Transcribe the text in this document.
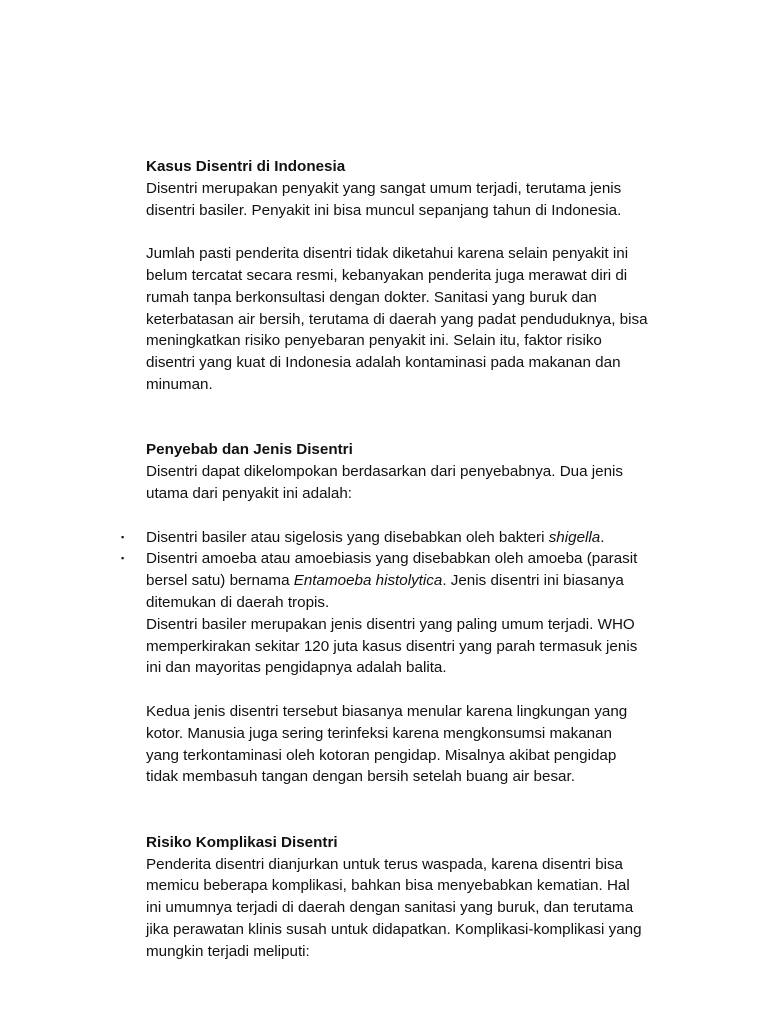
Kasus Disentri di Indonesia
Disentri merupakan penyakit yang sangat umum terjadi, terutama jenis
disentri basiler. Penyakit ini bisa muncul sepanjang tahun di Indonesia.
Jumlah pasti penderita disentri tidak diketahui karena selain penyakit ini
belum tercatat secara resmi, kebanyakan penderita juga merawat diri di
rumah tanpa berkonsultasi dengan dokter. Sanitasi yang buruk dan
keterbatasan air bersih, terutama di daerah yang padat penduduknya, bisa
meningkatkan risiko penyebaran penyakit ini. Selain itu, faktor risiko
disentri yang kuat di Indonesia adalah kontaminasi pada makanan dan
minuman.
Penyebab dan Jenis Disentri
Disentri dapat dikelompokan berdasarkan dari penyebabnya. Dua jenis
utama dari penyakit ini adalah:
▪ Disentri basiler atau sigelosis yang disebabkan oleh bakteri shigella.
▪ Disentri amoeba atau amoebiasis yang disebabkan oleh amoeba (parasit
bersel satu) bernama Entamoeba histolytica. Jenis disentri ini biasanya
ditemukan di daerah tropis.
Disentri basiler merupakan jenis disentri yang paling umum terjadi. WHO
memperkirakan sekitar 120 juta kasus disentri yang parah termasuk jenis
ini dan mayoritas pengidapnya adalah balita.
Kedua jenis disentri tersebut biasanya menular karena lingkungan yang
kotor. Manusia juga sering terinfeksi karena mengkonsumsi makanan
yang terkontaminasi oleh kotoran pengidap. Misalnya akibat pengidap
tidak membasuh tangan dengan bersih setelah buang air besar.
Risiko Komplikasi Disentri
Penderita disentri dianjurkan untuk terus waspada, karena disentri bisa
memicu beberapa komplikasi, bahkan bisa menyebabkan kematian. Hal
ini umumnya terjadi di daerah dengan sanitasi yang buruk, dan terutama
jika perawatan klinis susah untuk didapatkan. Komplikasi-komplikasi yang
mungkin terjadi meliputi:
